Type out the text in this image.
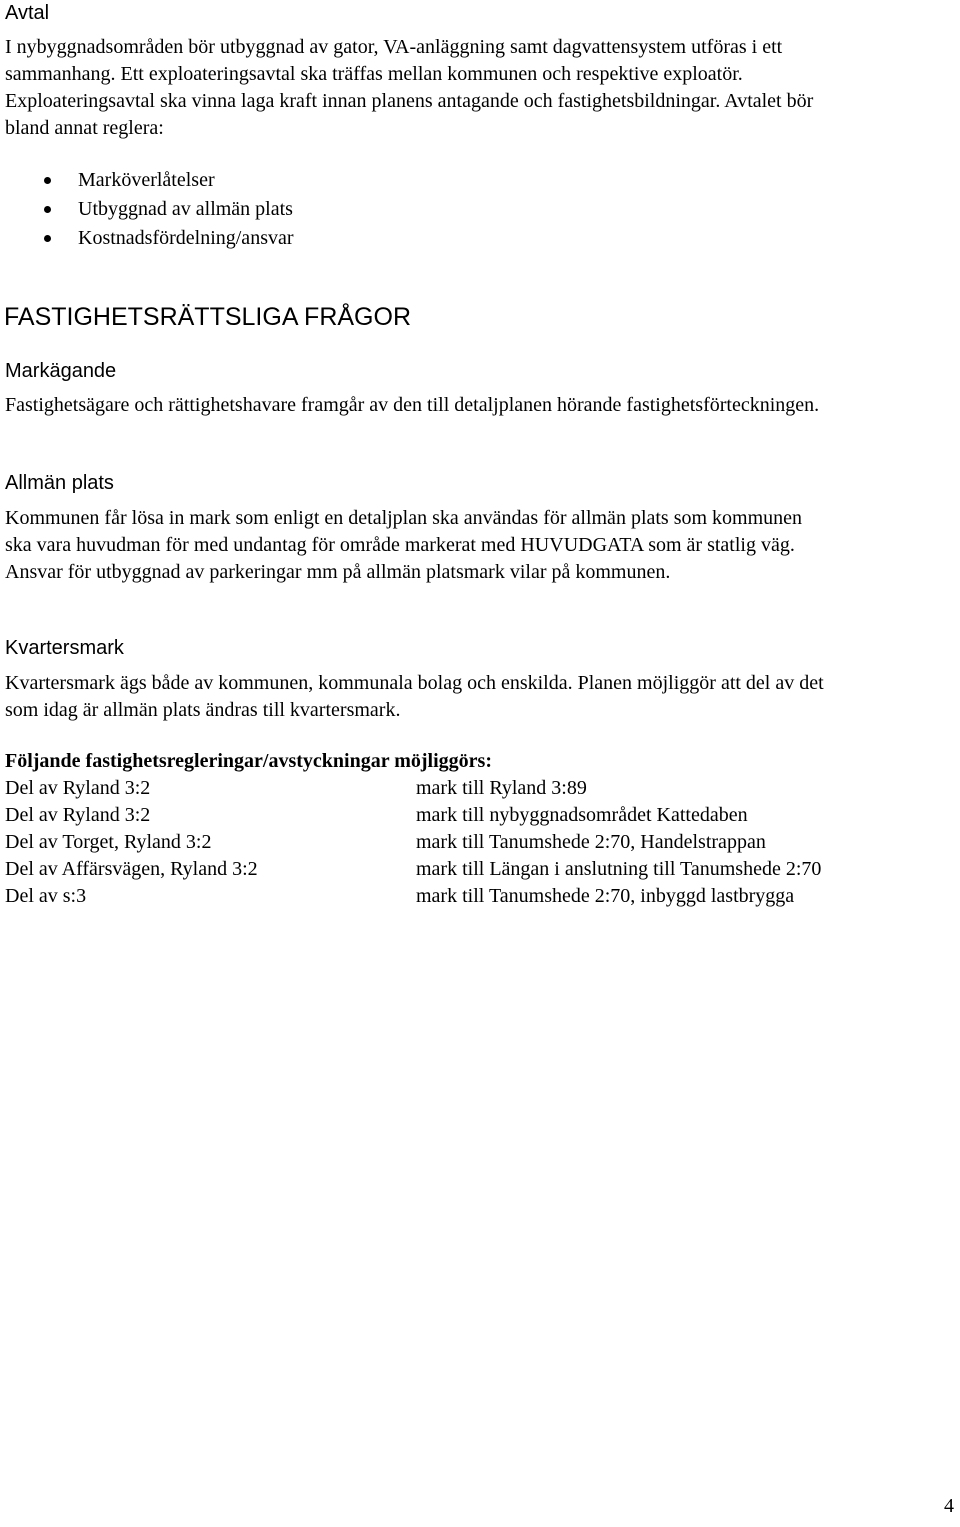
Avtal
I nybyggnadsområden bör utbyggnad av gator, VA-anläggning samt dagvattensystem utföras i ett
sammanhang. Ett exploateringsavtal ska träffas mellan kommunen och respektive exploatör.
Exploateringsavtal ska vinna laga kraft innan planens antagande och fastighetsbildningar. Avtalet bör
bland annat reglera:
Marköverlåtelser
Utbyggnad av allmän plats
Kostnadsfördelning/ansvar
FASTIGHETSRÄTTSLIGA FRÅGOR
Markägande
Fastighetsägare och rättighetshavare framgår av den till detaljplanen hörande fastighetsförteckningen.
Allmän plats
Kommunen får lösa in mark som enligt en detaljplan ska användas för allmän plats som kommunen
ska vara huvudman för med undantag för område markerat med HUVUDGATA som är statlig väg.
Ansvar för utbyggnad av parkeringar mm på allmän platsmark vilar på kommunen.
Kvartersmark
Kvartersmark ägs både av kommunen, kommunala bolag och enskilda. Planen möjliggör att del av det
som idag är allmän plats ändras till kvartersmark.
Följande fastighetsregleringar/avstyckningar möjliggörs:
Del av Ryland 3:2	mark till Ryland 3:89
Del av Ryland 3:2	mark till nybyggnadsområdet Kattedaben
Del av Torget, Ryland 3:2	mark till Tanumshede 2:70, Handelstrappan
Del av Affärsvägen, Ryland 3:2	mark till Längan i anslutning till Tanumshede 2:70
Del av s:3	mark till Tanumshede 2:70, inbyggd lastbrygga
4
